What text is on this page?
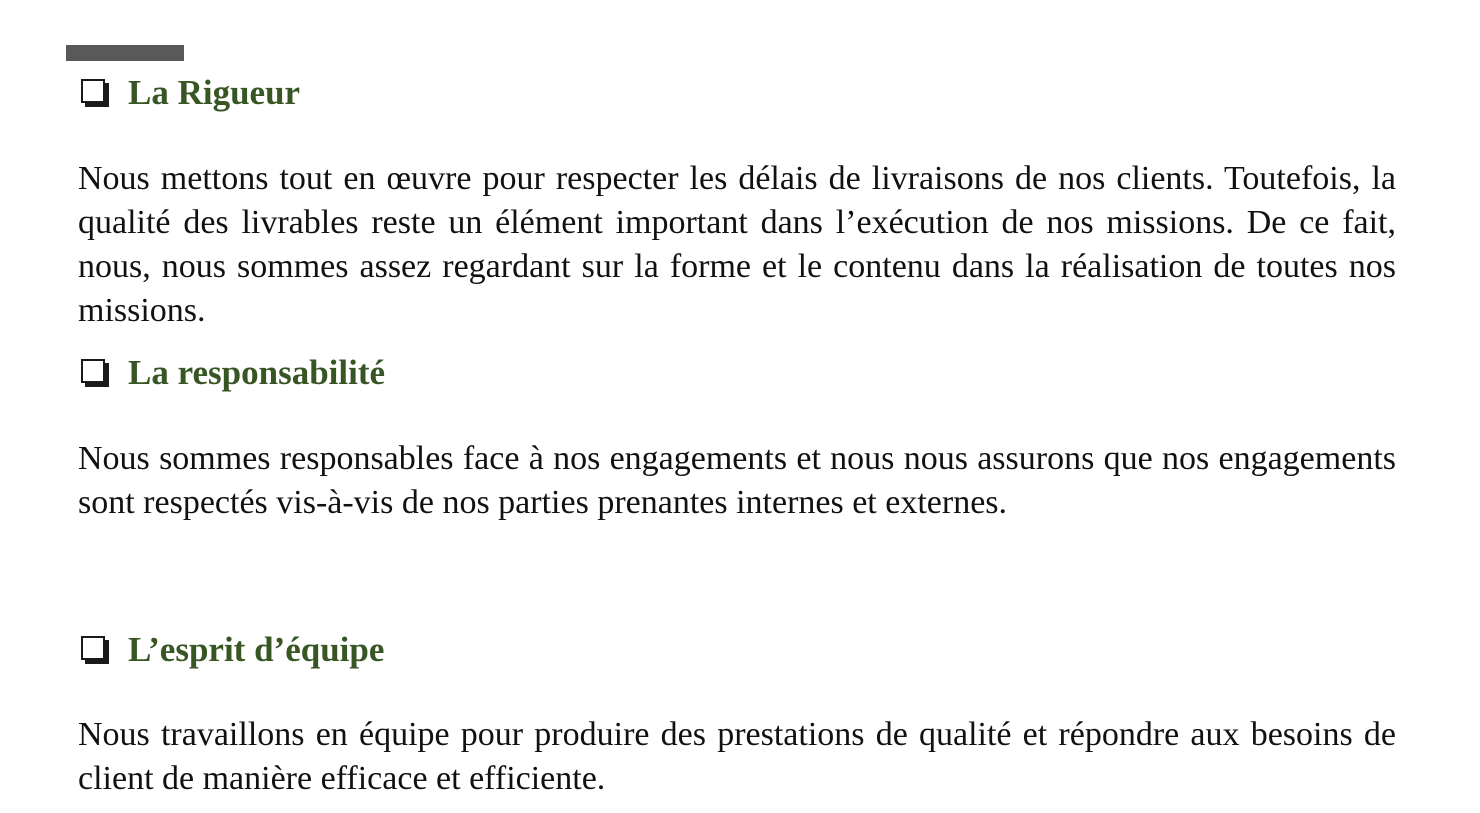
La Rigueur

Nous mettons tout en œuvre pour respecter les délais de livraisons de nos clients. Toutefois, la qualité des livrables reste un élément important dans l’exécution de nos missions. De ce fait, nous, nous sommes assez regardant sur la forme et le contenu dans la réalisation de toutes nos missions.

La responsabilité

Nous sommes responsables face à nos engagements et nous nous assurons que nos engagements sont respectés vis-à-vis de nos parties prenantes internes et externes.

L’esprit d’équipe

Nous travaillons en équipe pour produire des prestations de qualité et répondre aux besoins de client de manière efficace et efficiente.
